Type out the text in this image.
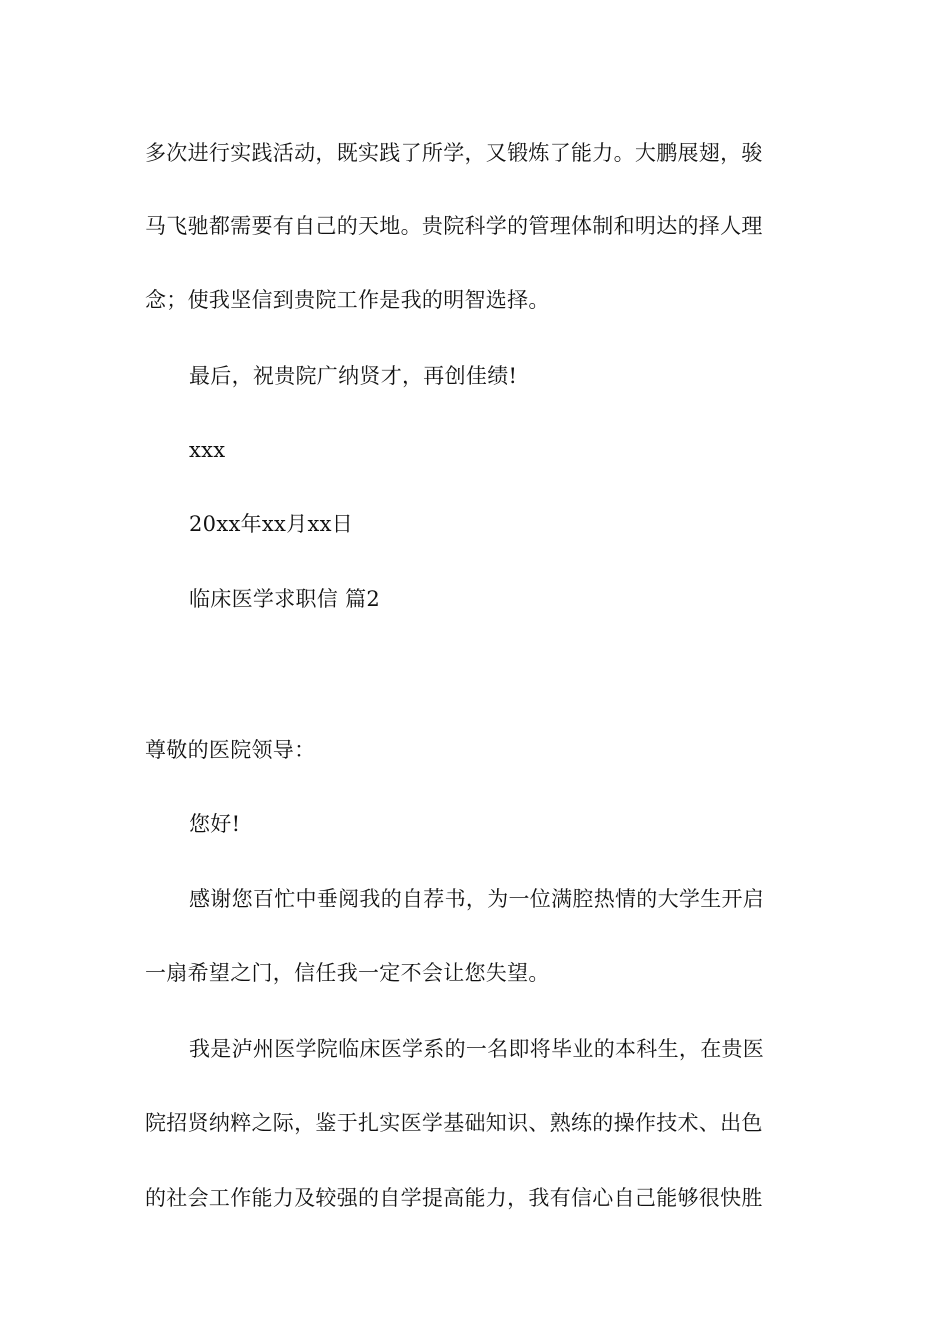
多次进行实践活动，既实践了所学，又锻炼了能力。大鹏展翅，骏
马飞驰都需要有自己的天地。贵院科学的管理体制和明达的择人理
念；使我坚信到贵院工作是我的明智选择。
最后，祝贵院广纳贤才，再创佳绩!
xxx
20xx年xx月xx日
临床医学求职信 篇2
尊敬的医院领导：
您好!
感谢您百忙中垂阅我的自荐书，为一位满腔热情的大学生开启
一扇希望之门，信任我一定不会让您失望。
我是泸州医学院临床医学系的一名即将毕业的本科生，在贵医
院招贤纳粹之际，鉴于扎实医学基础知识、熟练的操作技术、出色
的社会工作能力及较强的自学提高能力，我有信心自己能够很快胜
